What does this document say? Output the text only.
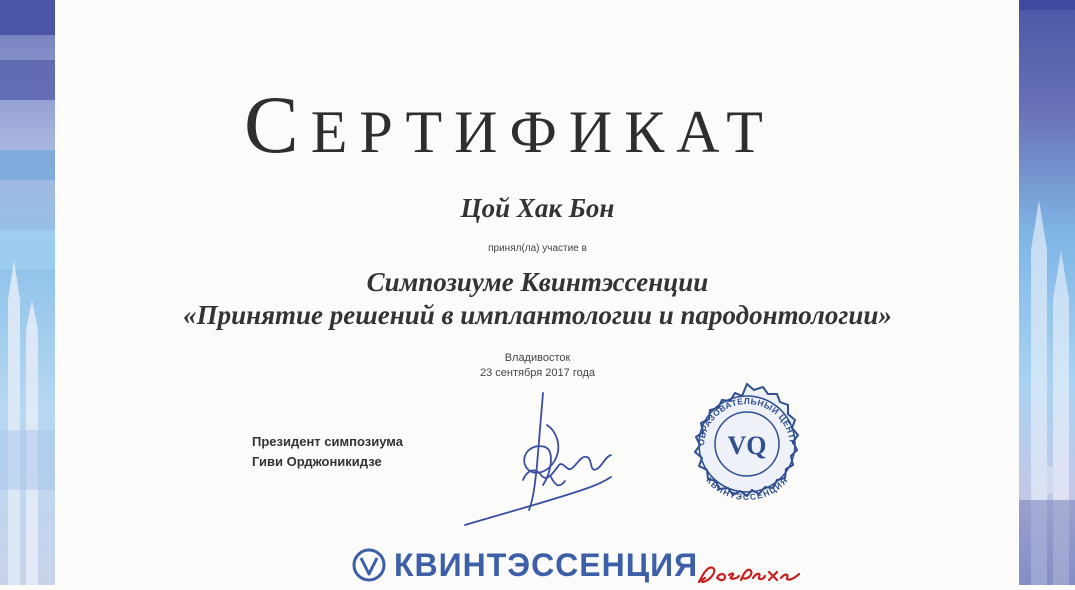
СЕРТИФИКАТ
Цой Хак Бон
принял(ла) участие в
Симпозиуме Квинтэссенции
«Принятие решений в имплантологии и пародонтологии»
Владивосток
23 сентября 2017 года
Президент симпозиума
Гиви Орджоникидзе
ОБРАЗОВАТЕЛЬНЫЙ ЦЕНТР
КВИНТЭССЕНЦИЯ
VQ
КВИНТЭССЕНЦИЯ
